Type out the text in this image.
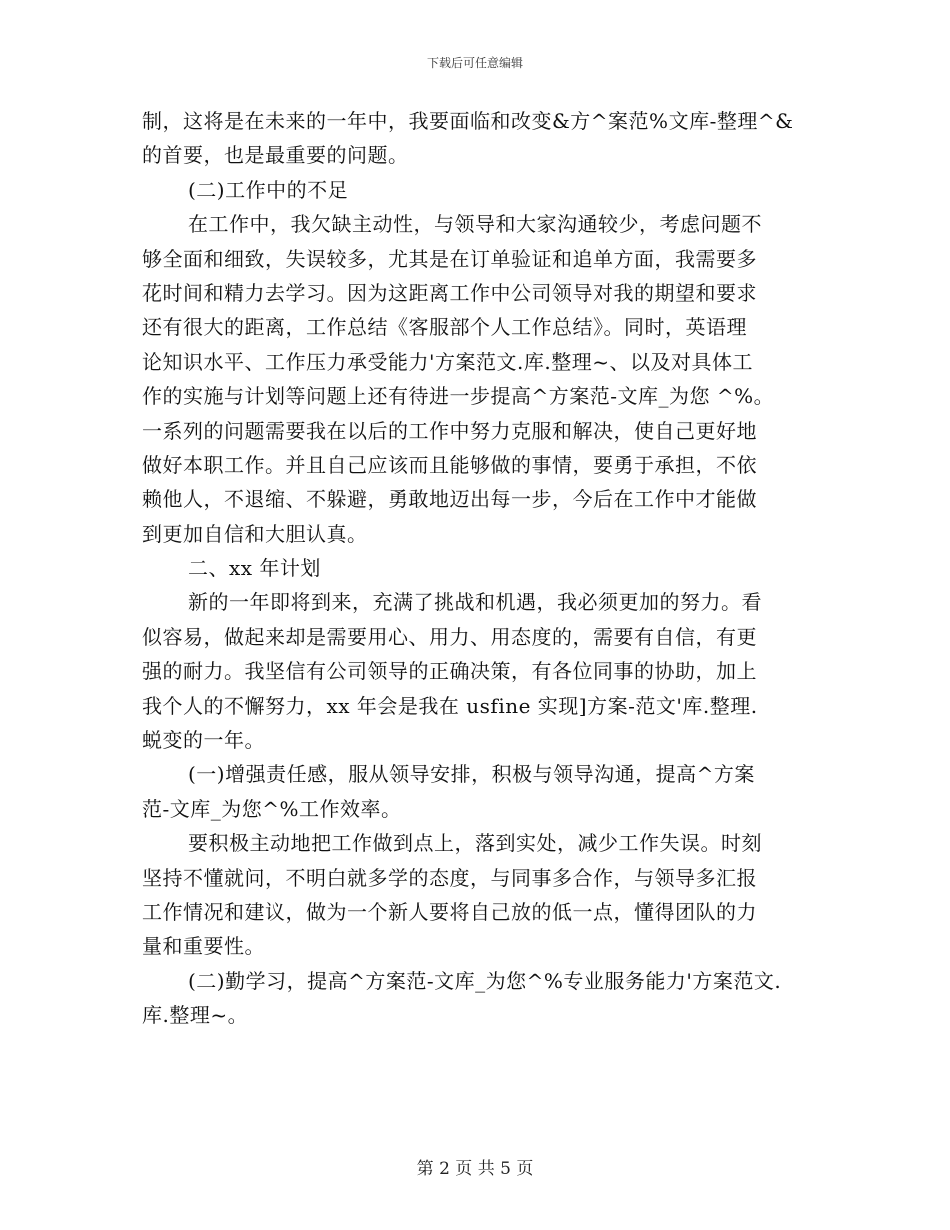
下载后可任意编辑
制，这将是在未来的一年中，我要面临和改变&方^案范%文库-整理^&
的首要，也是最重要的问题。
(二)工作中的不足
在工作中，我欠缺主动性，与领导和大家沟通较少，考虑问题不
够全面和细致，失误较多，尤其是在订单验证和追单方面，我需要多
花时间和精力去学习。因为这距离工作中公司领导对我的期望和要求
还有很大的距离，工作总结《客服部个人工作总结》。同时，英语理
论知识水平、工作压力承受能力'方案范文.库.整理~、以及对具体工
作的实施与计划等问题上还有待进一步提高^方案范-文库_为您 ^%。
一系列的问题需要我在以后的工作中努力克服和解决，使自己更好地
做好本职工作。并且自己应该而且能够做的事情，要勇于承担，不依
赖他人，不退缩、不躲避，勇敢地迈出每一步，今后在工作中才能做
到更加自信和大胆认真。
二、xx 年计划
新的一年即将到来，充满了挑战和机遇，我必须更加的努力。看
似容易，做起来却是需要用心、用力、用态度的，需要有自信，有更
强的耐力。我坚信有公司领导的正确决策，有各位同事的协助，加上
我个人的不懈努力，xx 年会是我在 usfine 实现]方案-范文'库.整理.
蜕变的一年。
(一)增强责任感，服从领导安排，积极与领导沟通，提高^方案
范-文库_为您^%工作效率。
要积极主动地把工作做到点上，落到实处，减少工作失误。时刻
坚持不懂就问，不明白就多学的态度，与同事多合作，与领导多汇报
工作情况和建议，做为一个新人要将自己放的低一点，懂得团队的力
量和重要性。
(二)勤学习，提高^方案范-文库_为您^%专业服务能力'方案范文.
库.整理~。
第 2 页 共 5 页
